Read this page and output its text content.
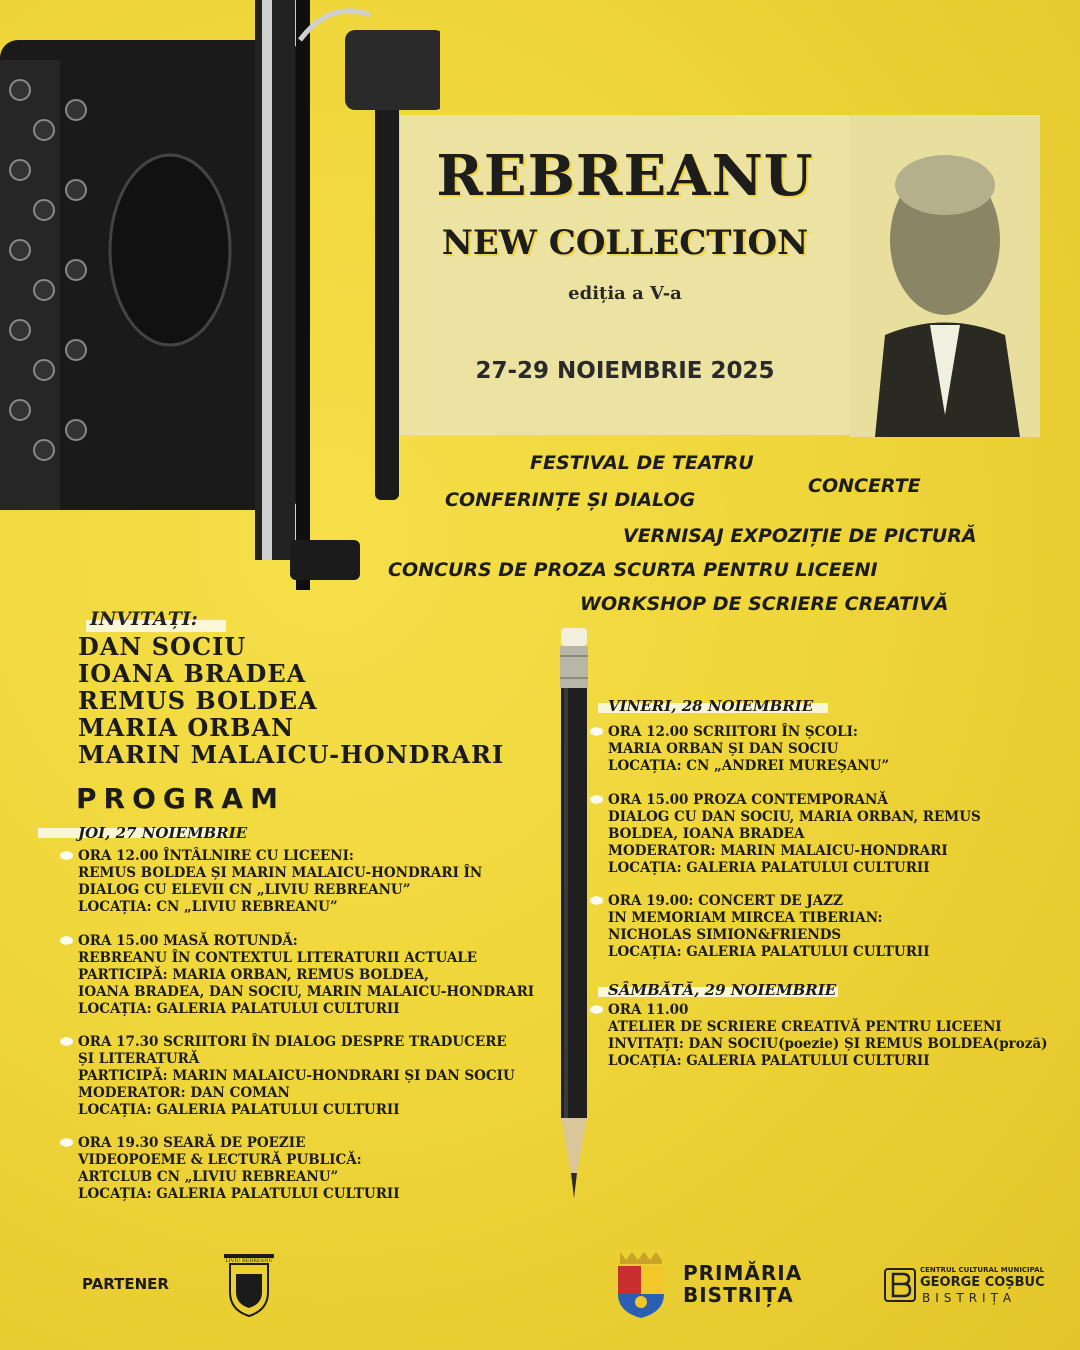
REBREANU
NEW COLLECTION
ediția a V-a
27-29 NOIEMBRIE 2025
FESTIVAL DE TEATRU
CONCERTE
CONFERINȚE ȘI DIALOG
VERNISAJ EXPOZIȚIE DE PICTURĂ
CONCURS DE PROZA SCURTA PENTRU LICEENI
WORKSHOP DE SCRIERE CREATIVĂ
INVITAȚI:
DAN SOCIU
IOANA BRADEA
REMUS BOLDEA
MARIA ORBAN
MARIN MALAICU-HONDRARI
PROGRAM
JOI, 27 NOIEMBRIE
ORA 12.00 ÎNTÂLNIRE CU LICEENI:
REMUS BOLDEA ȘI MARIN MALAICU-HONDRARI ÎN
DIALOG CU ELEVII CN „LIVIU REBREANU”
LOCAȚIA: CN „LIVIU REBREANU”
ORA 15.00 MASĂ ROTUNDĂ:
REBREANU ÎN CONTEXTUL LITERATURII ACTUALE
PARTICIPĂ: MARIA ORBAN, REMUS BOLDEA,
IOANA BRADEA, DAN SOCIU, MARIN MALAICU-HONDRARI
LOCAȚIA: GALERIA PALATULUI CULTURII
ORA 17.30 SCRIITORI ÎN DIALOG DESPRE TRADUCERE
ȘI LITERATURĂ
PARTICIPĂ: MARIN MALAICU-HONDRARI ȘI DAN SOCIU
MODERATOR: DAN COMAN
LOCAȚIA: GALERIA PALATULUI CULTURII
ORA 19.30 SEARĂ DE POEZIE
VIDEOPOEME & LECTURĂ PUBLICĂ:
ARTCLUB CN „LIVIU REBREANU”
LOCAȚIA: GALERIA PALATULUI CULTURII
VINERI, 28 NOIEMBRIE
ORA 12.00 SCRIITORI ÎN ȘCOLI:
MARIA ORBAN ȘI DAN SOCIU
LOCAȚIA: CN „ANDREI MUREȘANU”
ORA 15.00 PROZA CONTEMPORANĂ
DIALOG CU DAN SOCIU, MARIA ORBAN, REMUS
BOLDEA, IOANA BRADEA
MODERATOR: MARIN MALAICU-HONDRARI
LOCAȚIA: GALERIA PALATULUI CULTURII
ORA 19.00: CONCERT DE JAZZ
IN MEMORIAM MIRCEA TIBERIAN:
NICHOLAS SIMION&FRIENDS
LOCAȚIA: GALERIA PALATULUI CULTURII
SÂMBĂTĂ, 29 NOIEMBRIE
ORA 11.00
ATELIER DE SCRIERE CREATIVĂ PENTRU LICEENI
INVITAȚI: DAN SOCIU(poezie) ȘI REMUS BOLDEA(proză)
LOCAȚIA: GALERIA PALATULUI CULTURII
PARTENER
LIVIU REBREANU	PRIMĂRIA
BISTRIȚA
CENTRUL CULTURAL MUNICIPAL
GEORGE COȘBUC
BISTRIȚA
